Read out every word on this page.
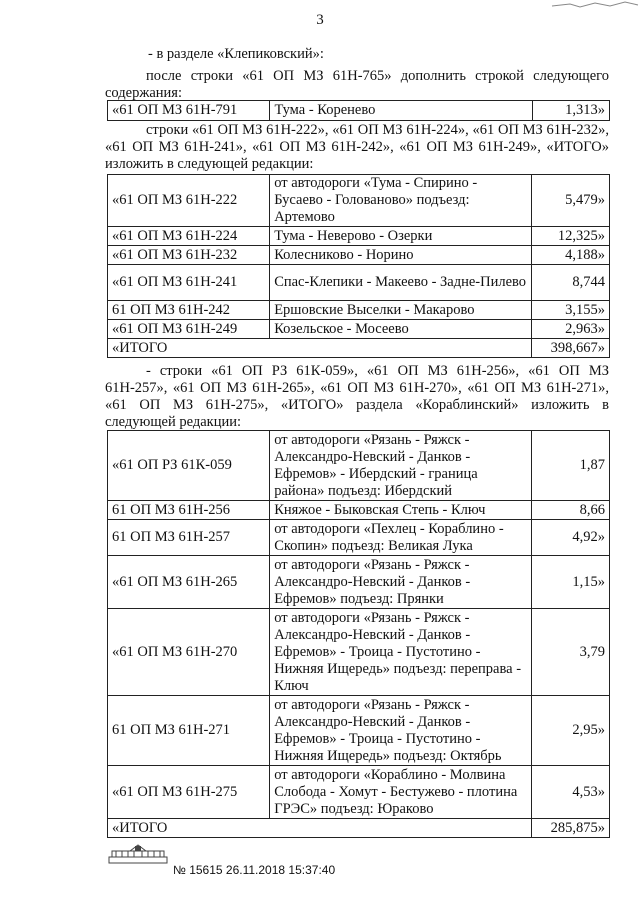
3
- в разделе «Клепиковский»:
после строки «61 ОП МЗ 61Н-765» дополнить строкой следующего содержания:
«61 ОП МЗ 61Н-791	Тума - Коренево	1,313»
строки «61 ОП МЗ 61Н-222», «61 ОП МЗ 61Н-224», «61 ОП МЗ 61Н-232», «61 ОП МЗ 61Н-241», «61 ОП МЗ 61Н-242», «61 ОП МЗ 61Н-249», «ИТОГО» изложить в следующей редакции:
«61 ОП МЗ 61Н-222	от автодороги «Тума - Спирино - Бусаево - Голованово» подъезд: Артемово	5,479»
«61 ОП МЗ 61Н-224	Тума - Неверово - Озерки	12,325»
«61 ОП МЗ 61Н-232	Колесниково - Норино	4,188»
«61 ОП МЗ 61Н-241	Спас-Клепики - Макеево - Задне-Пилево	8,744
61 ОП МЗ 61Н-242	Ершовские Выселки - Макарово	3,155»
«61 ОП МЗ 61Н-249	Козельское - Мосеево	2,963»
«ИТОГО		398,667»
- строки «61 ОП РЗ 61К-059», «61 ОП МЗ 61Н-256», «61 ОП МЗ 61Н-257», «61 ОП МЗ 61Н-265», «61 ОП МЗ 61Н-270», «61 ОП МЗ 61Н-271», «61 ОП МЗ 61Н-275», «ИТОГО» раздела «Кораблинский» изложить в следующей редакции:
«61 ОП РЗ 61К-059	от автодороги «Рязань - Ряжск - Александро-Невский - Данков - Ефремов» - Ибердский - граница района» подъезд: Ибердский	1,87
61 ОП МЗ 61Н-256	Княжое - Быковская Степь - Ключ	8,66
61 ОП МЗ 61Н-257	от автодороги «Пехлец - Кораблино - Скопин» подъезд: Великая Лука	4,92»
«61 ОП МЗ 61Н-265	от автодороги «Рязань - Ряжск - Александро-Невский - Данков - Ефремов» подъезд: Прянки	1,15»
«61 ОП МЗ 61Н-270	от автодороги «Рязань - Ряжск - Александро-Невский - Данков - Ефремов» - Троица - Пустотино - Нижняя Ищередь» подъезд: переправа - Ключ	3,79
61 ОП МЗ 61Н-271	от автодороги «Рязань - Ряжск - Александро-Невский - Данков - Ефремов» - Троица - Пустотино - Нижняя Ищередь» подъезд: Октябрь	2,95»
«61 ОП МЗ 61Н-275	от автодороги «Кораблино - Молвина Слобода - Хомут - Бестужево - плотина ГРЭС» подъезд: Юраково	4,53»
«ИТОГО		285,875»
№ 15615 26.11.2018 15:37:40
